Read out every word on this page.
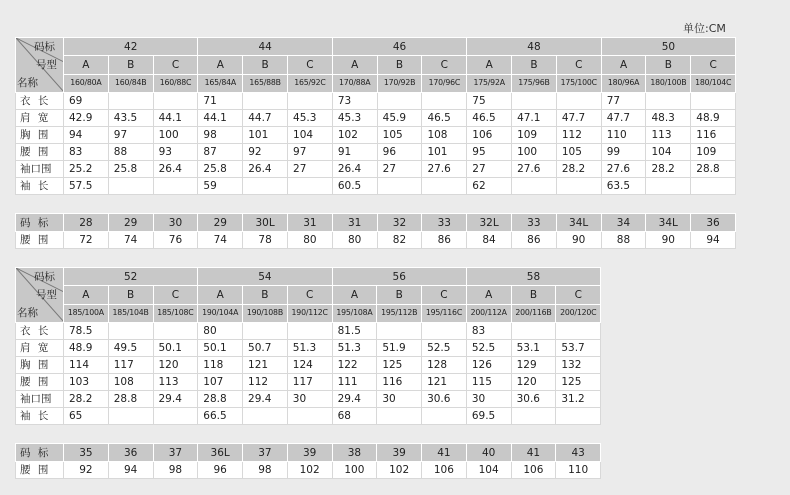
单位:CM
码标
号型
名称	42			44			46			48			50		
	A	B	C	A	B	C	A	B	C	A	B	C	A	B	C
	160/80A	160/84B	160/88C	165/84A	165/88B	165/92C	170/88A	170/92B	170/96C	175/92A	175/96B	175/100C	180/96A	180/100B	180/104C
衣 长	69			71			73			75			77		
肩 宽	42.9	43.5	44.1	44.1	44.7	45.3	45.3	45.9	46.5	46.5	47.1	47.7	47.7	48.3	48.9
胸 围	94	97	100	98	101	104	102	105	108	106	109	112	110	113	116
腰 围	83	88	93	87	92	97	91	96	101	95	100	105	99	104	109
袖口围	25.2	25.8	26.4	25.8	26.4	27	26.4	27	27.6	27	27.6	28.2	27.6	28.2	28.8
袖 长	57.5			59			60.5			62			63.5		
码 标	28	29	30	29	30L	31	31	32	33	32L	33	34L	34	34L	36
腰 围	72	74	76	74	78	80	80	82	86	84	86	90	88	90	94
码标
号型
名称	52			54			56			58		
	A	B	C	A	B	C	A	B	C	A	B	C
	185/100A	185/104B	185/108C	190/104A	190/108B	190/112C	195/108A	195/112B	195/116C	200/112A	200/116B	200/120C
衣 长	78.5			80			81.5			83		
肩 宽	48.9	49.5	50.1	50.1	50.7	51.3	51.3	51.9	52.5	52.5	53.1	53.7
胸 围	114	117	120	118	121	124	122	125	128	126	129	132
腰 围	103	108	113	107	112	117	111	116	121	115	120	125
袖口围	28.2	28.8	29.4	28.8	29.4	30	29.4	30	30.6	30	30.6	31.2
袖 长	65			66.5			68			69.5		
码 标	35	36	37	36L	37	39	38	39	41	40	41	43
腰 围	92	94	98	96	98	102	100	102	106	104	106	110
